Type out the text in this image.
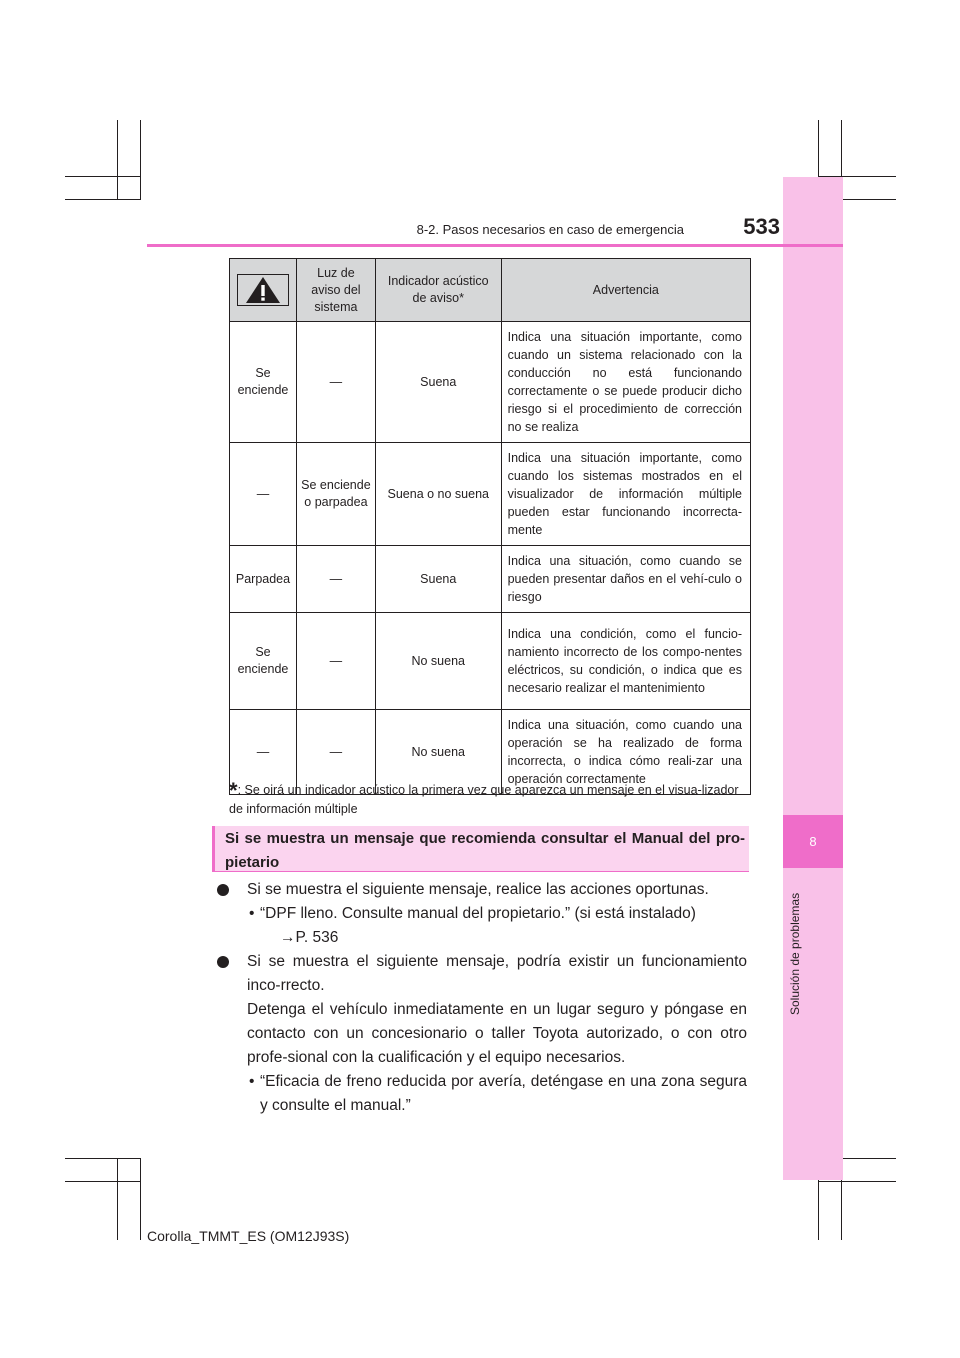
8
Solución de problemas
533
8-2. Pasos necesarios en caso de emergencia
	Luz de aviso del sistema	Indicador acústico de aviso*	Advertencia
Se enciende	—	Suena	Indica una situación importante, como cuando un sistema relacionado con la conducción no está funcionando correctamente o se puede producir dicho riesgo si el procedimiento de corrección no se realiza
—	Se enciende o parpadea	Suena o no suena	Indica una situación importante, como cuando los sistemas mostrados en el visualizador de información múltiple pueden estar funcionando incorrecta-mente
Parpadea	—	Suena	Indica una situación, como cuando se pueden presentar daños en el vehí-culo o riesgo
Se enciende	—	No suena	Indica una condición, como el funcio-namiento incorrecto de los compo-nentes eléctricos, su condición, o indica que es necesario realizar el mantenimiento
—	—	No suena	Indica una situación, como cuando una operación se ha realizado de forma incorrecta, o indica cómo reali-zar una operación correctamente
*: Se oirá un indicador acústico la primera vez que aparezca un mensaje en el visua-lizador de información múltiple
Si se muestra un mensaje que recomienda consultar el Manual del pro-pietario

Si se muestra el siguiente mensaje, realice las acciones oportunas.

• “DPF lleno. Consulte manual del propietario.” (si está instalado)

→P. 536

Si se muestra el siguiente mensaje, podría existir un funcionamiento inco-rrecto.

Detenga el vehículo inmediatamente en un lugar seguro y póngase en contacto con un concesionario o taller Toyota autorizado, o con otro profe-sional con la cualificación y el equipo necesarios.

• “Eficacia de freno reducida por avería, deténgase en una zona segura y consulte el manual.”

Corolla_TMMT_ES (OM12J93S)
